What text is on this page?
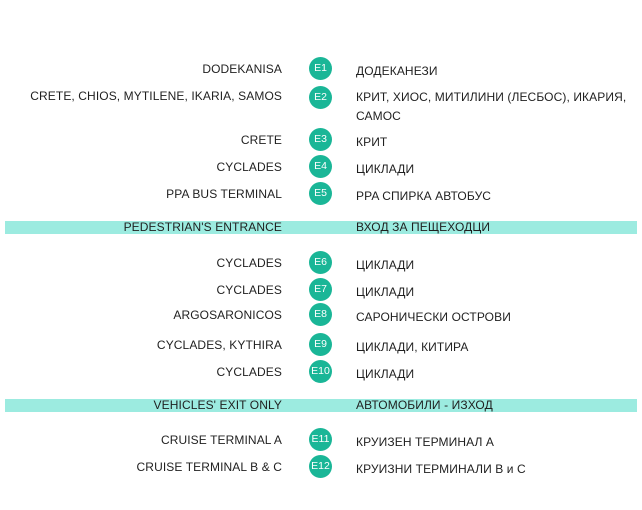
DODEKANISA	E1	ДОДЕКАНЕЗИ
CRETE, CHIOS, MYTILENE, IKARIA, SAMOS	E2	КРИТ, ХИОС, МИТИЛИНИ (ЛЕСБОС), ИКАРИЯ, САМОС
CRETE	E3	КРИТ
CYCLADES	E4	ЦИКЛАДИ
PPA BUS TERMINAL	E5	PPA СПИРКА АВТОБУС
PEDESTRIAN'S ENTRANCE	ВХОД ЗА ПЕЩЕХОДЦИ
CYCLADES	E6	ЦИКЛАДИ
CYCLADES	E7	ЦИКЛАДИ
ARGOSARONICOS	E8	САРОНИЧЕСКИ ОСТРОВИ
CYCLADES, KYTHIRA	E9	ЦИКЛАДИ, КИТИРА
CYCLADES	E10 ЦИКЛАДИ
VEHICLES' EXIT ONLY	АВТОМОБИЛИ - ИЗХОД
CRUISE TERMINAL A	E11 КРУИЗЕН ТЕРМИНАЛ А
CRUISE TERMINAL B & C	E12 КРУИЗНИ ТЕРМИНАЛИ В и С
